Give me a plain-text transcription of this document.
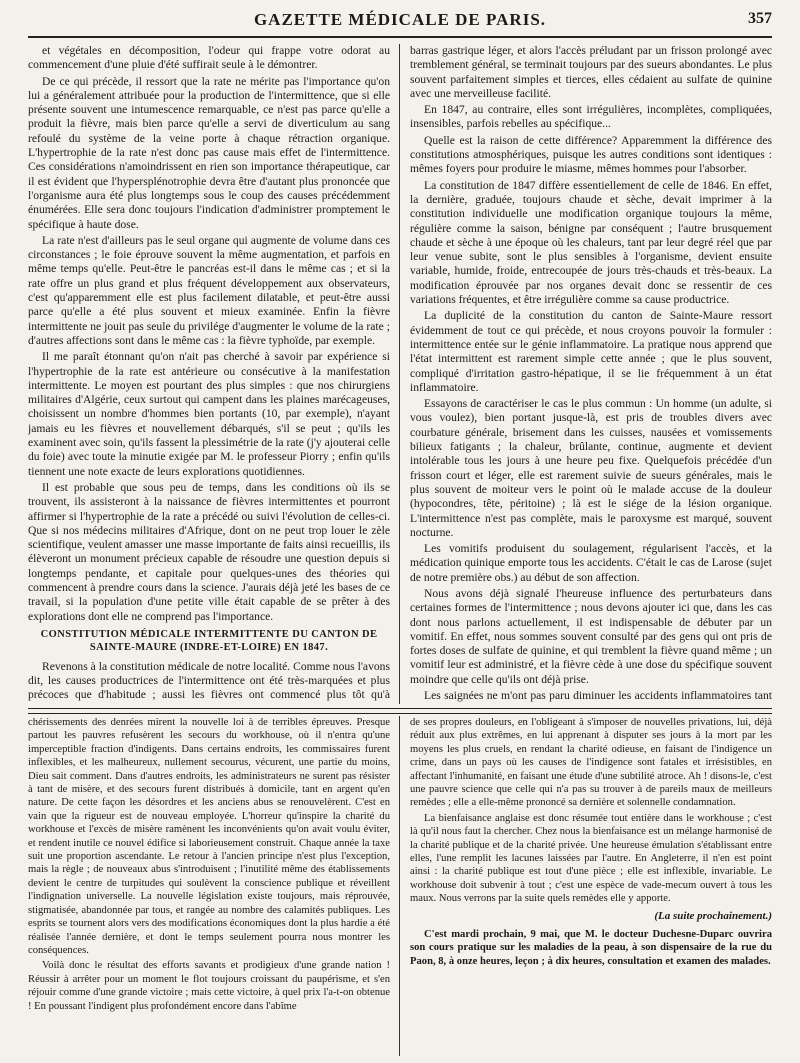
GAZETTE MÉDICALE DE PARIS.	357

et végétales en décomposition, l'odeur qui frappe votre odorat au commencement d'une pluie d'été suffirait seule à le démontrer.

De ce qui précède, il ressort que la rate ne mérite pas l'importance qu'on lui a généralement attribuée pour la production de l'intermittence, que si elle présente souvent une intumescence remarquable, ce n'est pas parce qu'elle a produit la fièvre, mais bien parce qu'elle a servi de diverticulum au sang refoulé du système de la veine porte à chaque rétraction organique. L'hypertrophie de la rate n'est donc pas cause mais effet de l'intermittence. Ces considérations n'amoindrissent en rien son importance thérapeutique, car il est évident que l'hypersplénotrophie devra être d'autant plus prononcée que l'organisme aura été plus longtemps sous le coup des causes précédemment énumérées. Elle sera donc toujours l'indication d'administrer promptement le spécifique à haute dose.

La rate n'est d'ailleurs pas le seul organe qui augmente de volume dans ces circonstances ; le foie éprouve souvent la même augmentation, et parfois en même temps qu'elle. Peut-être le pancréas est-il dans le même cas ; et si la rate offre un plus grand et plus fréquent développement aux observateurs, c'est qu'apparemment elle est plus facilement dilatable, et peut-être aussi parce qu'elle a été plus souvent et mieux examinée. Enfin la fièvre intermittente ne jouit pas seule du privilége d'augmenter le volume de la rate ; d'autres affections sont dans le même cas : la fièvre typhoïde, par exemple.

Il me paraît étonnant qu'on n'ait pas cherché à savoir par expérience si l'hypertrophie de la rate est antérieure ou consécutive à la manifestation intermittente. Le moyen est pourtant des plus simples : que nos chirurgiens militaires d'Algérie, ceux surtout qui campent dans les plaines marécageuses, choisissent un nombre d'hommes bien portants (10, par exemple), n'ayant jamais eu les fièvres et nouvellement débarqués, s'il se peut ; qu'ils les examinent avec soin, qu'ils fassent la plessimétrie de la rate (j'y ajouterai celle du foie) avec toute la minutie exigée par M. le professeur Piorry ; enfin qu'ils tiennent une note exacte de leurs explorations quotidiennes.

Il est probable que sous peu de temps, dans les conditions où ils se trouvent, ils assisteront à la naissance de fièvres intermittentes et pourront affirmer si l'hypertrophie de la rate a précédé ou suivi l'évolution de celles-ci. Que si nos médecins militaires d'Afrique, dont on ne peut trop louer le zèle scientifique, veulent amasser une masse importante de faits ainsi recueillis, ils élèveront un monument précieux capable de résoudre une question depuis si longtemps pendante, et capitale pour quelques-unes des théories qui commencent à prendre cours dans la science. J'aurais déjà jeté les bases de ce travail, si la population d'une petite ville était capable de se prêter à des explorations dont elle ne comprend pas l'importance.

CONSTITUTION MÉDICALE INTERMITTENTE DU CANTON DE SAINTE-MAURE (INDRE-ET-LOIRE) EN 1847.

Revenons à la constitution médicale de notre localité. Comme nous l'avons dit, les causes productrices de l'intermittence ont été très-marquées et plus précoces que d'habitude ; aussi les fièvres ont commencé plus tôt qu'à

barras gastrique léger, et alors l'accès préludant par un frisson prolongé avec tremblement général, se terminait toujours par des sueurs abondantes. Le plus souvent parfaitement simples et tierces, elles cédaient au sulfate de quinine avec une merveilleuse facilité.

En 1847, au contraire, elles sont irrégulières, incomplètes, compliquées, insensibles, parfois rebelles au spécifique...

Quelle est la raison de cette différence? Apparemment la différence des constitutions atmosphériques, puisque les autres conditions sont identiques : mêmes foyers pour produire le miasme, mêmes hommes pour l'absorber.

La constitution de 1847 diffère essentiellement de celle de 1846. En effet, la dernière, graduée, toujours chaude et sèche, devait imprimer à la constitution individuelle une modification organique toujours la même, régulière comme la saison, bénigne par conséquent ; l'autre brusquement chaude et sèche à une époque où les chaleurs, tant par leur degré réel que par leur venue subite, sont le plus sensibles à l'organisme, devient ensuite variable, humide, froide, entrecoupée de jours très-chauds et très-beaux. La modification éprouvée par nos organes devait donc se ressentir de ces variations fréquentes, et être irrégulière comme sa cause productrice.

La duplicité de la constitution du canton de Sainte-Maure ressort évidemment de tout ce qui précède, et nous croyons pouvoir la formuler : intermittence entée sur le génie inflammatoire. La pratique nous apprend que l'état intermittent est rarement simple cette année ; que le plus souvent, compliqué d'irritation gastro-hépatique, il se lie fréquemment à un état inflammatoire.

Essayons de caractériser le cas le plus commun : Un homme (un adulte, si vous voulez), bien portant jusque-là, est pris de troubles divers avec courbature générale, brisement dans les cuisses, nausées et vomissements bilieux fatigants ; la chaleur, brûlante, continue, augmente et devient intolérable tous les jours à une heure peu fixe. Quelquefois précédée d'un frisson court et léger, elle est rarement suivie de sueurs générales, mais le plus souvent de moiteur vers le point où le malade accuse de la douleur (hypocondres, tête, péritoine) ; là est le siége de la lésion organique. L'intermittence n'est pas complète, mais le paroxysme est marqué, souvent nocturne.

Les vomitifs produisent du soulagement, régularisent l'accès, et la médication quinique emporte tous les accidents. C'était le cas de Larose (sujet de notre première obs.) au début de son affection.

Nous avons déjà signalé l'heureuse influence des perturbateurs dans certaines formes de l'intermittence ; nous devons ajouter ici que, dans les cas dont nous parlons actuellement, il est indispensable de débuter par un vomitif. En effet, nous sommes souvent consulté par des gens qui ont pris de fortes doses de sulfate de quinine, et qui tremblent la fièvre quand même ; un vomitif leur est administré, et la fièvre cède à une dose du spécifique souvent moindre que celle qu'ils ont déjà prise.

Les saignées ne m'ont pas paru diminuer les accidents inflammatoires tant

chérissements des denrées mirent la nouvelle loi à de terribles épreuves. Presque partout les pauvres refusèrent les secours du workhouse, où il n'entra qu'une imperceptible fraction d'indigents. Dans certains endroits, les commissaires furent inflexibles, et les malheureux, nullement secourus, vécurent, une partie du moins, Dieu sait comment. Dans d'autres endroits, les administrateurs ne surent pas résister à tant de misère, et des secours furent distribués à domicile, tant en argent qu'en nature. De cette façon les désordres et les anciens abus se renouvelèrent. C'est en vain que la rigueur est de nouveau employée. L'horreur qu'inspire la charité du workhouse et l'excès de misère ramènent les inconvénients qu'on avait voulu éviter, et rendent inutile ce nouvel édifice si laborieusement construit. Chaque année la taxe suit une proportion ascendante. Le retour à l'ancien principe n'est plus l'exception, mais la règle ; de nouveaux abus s'introduisent ; l'inutilité même des établissements devient le centre de turpitudes qui soulèvent la conscience publique et réveillent l'indignation universelle. La nouvelle législation existe toujours, mais réprouvée, stigmatisée, abandonnée par tous, et rangée au nombre des calamités publiques. Les esprits se tournent alors vers des modifications économiques dont la plus hardie a été réalisée l'année dernière, et dont le temps seulement pourra nous montrer les conséquences.

Voilà donc le résultat des efforts savants et prodigieux d'une grande nation ! Réussir à arrêter pour un moment le flot toujours croissant du paupérisme, et s'en réjouir comme d'une grande victoire ; mais cette victoire, à quel prix l'a-t-on obtenue ! En poussant l'indigent plus profondément encore dans l'abîme

de ses propres douleurs, en l'obligeant à s'imposer de nouvelles privations, lui, déjà réduit aux plus extrêmes, en lui apprenant à disputer ses jours à la mort par les moyens les plus cruels, en rendant la charité odieuse, en faisant de l'indigence un crime, dans un pays où les causes de l'indigence sont fatales et irrésistibles, en affectant l'inhumanité, en faisant une étude d'une subtilité atroce. Ah ! disons-le, c'est une pauvre science que celle qui n'a pas su trouver à de pareils maux de meilleurs remèdes ; elle a elle-même prononcé sa dernière et solennelle condamnation.

La bienfaisance anglaise est donc résumée tout entière dans le workhouse ; c'est là qu'il nous faut la chercher. Chez nous la bienfaisance est un mélange harmonisé de la charité publique et de la charité privée. Une heureuse émulation s'établissant entre elles, l'une remplit les lacunes laissées par l'autre. En Angleterre, il n'en est point ainsi : la charité publique est tout d'une pièce ; elle est inflexible, invariable. Le workhouse doit subvenir à tout ; c'est une espèce de vade-mecum ouvert à tous les maux. Nous verrons par la suite quels remèdes elle y apporte.

(La suite prochainement.)

C'est mardi prochain, 9 mai, que M. le docteur Duchesne-Duparc ouvrira son cours pratique sur les maladies de la peau, à son dispensaire de la rue du Paon, 8, à onze heures, leçon ; à dix heures, consultation et examen des malades.
